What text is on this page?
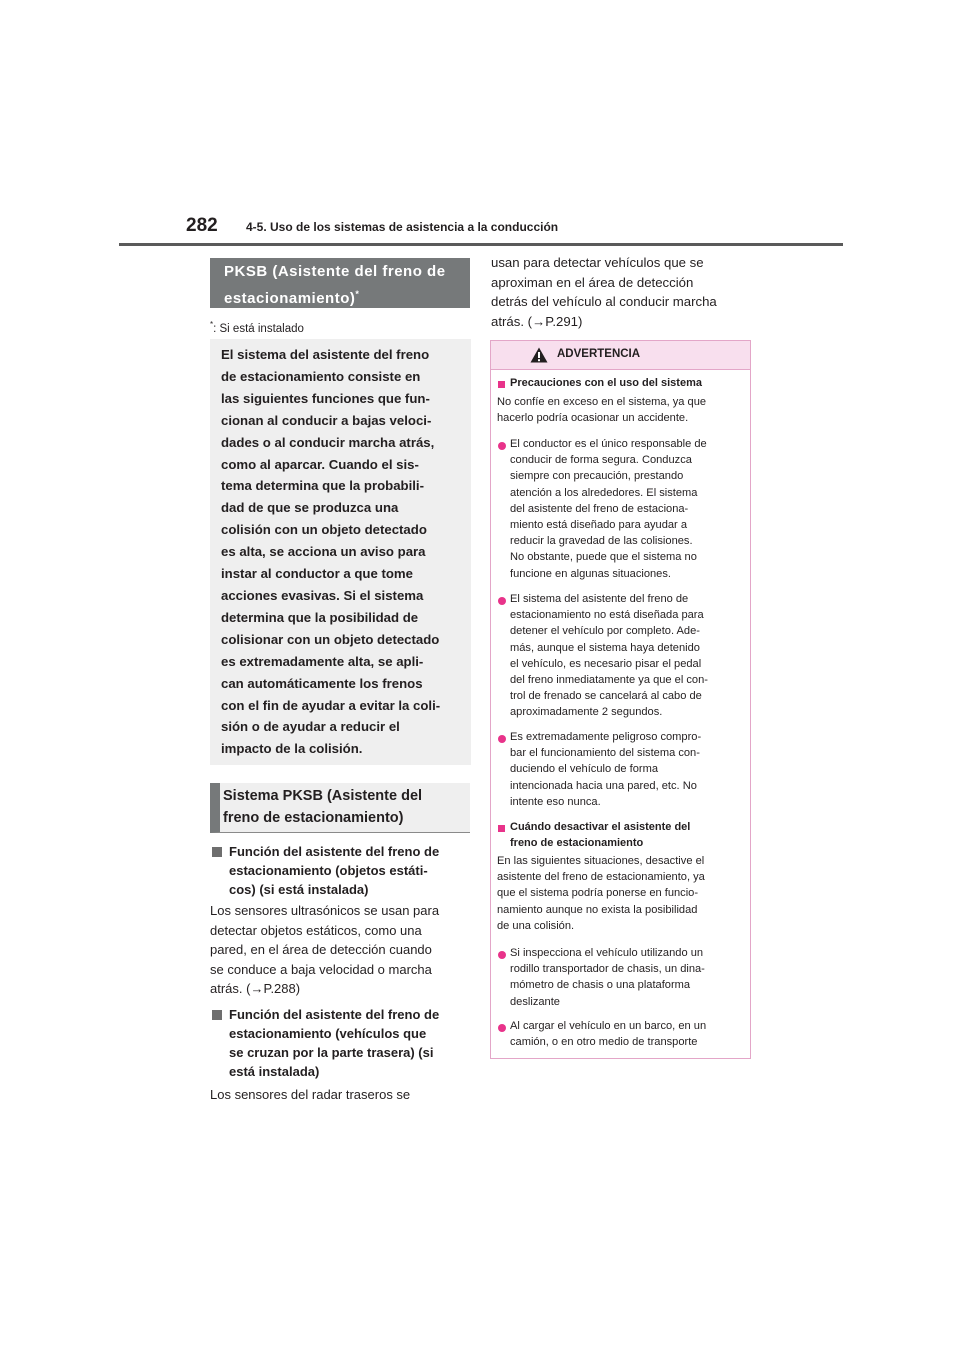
282 4-5. Uso de los sistemas de asistencia a la conducción
PKSB (Asistente del freno de estacionamiento)*
*: Si está instalado
El sistema del asistente del freno
de estacionamiento consiste en
las siguientes funciones que fun-
cionan al conducir a bajas veloci-
dades o al conducir marcha atrás,
como al aparcar. Cuando el sis-
tema determina que la probabili-
dad de que se produzca una
colisión con un objeto detectado
es alta, se acciona un aviso para
instar al conductor a que tome
acciones evasivas. Si el sistema
determina que la posibilidad de
colisionar con un objeto detectado
es extremadamente alta, se apli-
can automáticamente los frenos
con el fin de ayudar a evitar la coli-
sión o de ayudar a reducir el
impacto de la colisión.
Sistema PKSB (Asistente del
freno de estacionamiento)
Función del asistente del freno de
estacionamiento (objetos estáti-
cos) (si está instalada)
Los sensores ultrasónicos se usan para
detectar objetos estáticos, como una
pared, en el área de detección cuando
se conduce a baja velocidad o marcha
atrás. (→P.288)
Función del asistente del freno de
estacionamiento (vehículos que
se cruzan por la parte trasera) (si
está instalada)
Los sensores del radar traseros se
usan para detectar vehículos que se
aproximan en el área de detección
detrás del vehículo al conducir marcha
atrás. (→P.291)
ADVERTENCIA
Precauciones con el uso del sistema
No confíe en exceso en el sistema, ya que
hacerlo podría ocasionar un accidente.
El conductor es el único responsable de
conducir de forma segura. Conduzca
siempre con precaución, prestando
atención a los alrededores. El sistema
del asistente del freno de estaciona-
miento está diseñado para ayudar a
reducir la gravedad de las colisiones.
No obstante, puede que el sistema no
funcione en algunas situaciones.
El sistema del asistente del freno de
estacionamiento no está diseñada para
detener el vehículo por completo. Ade-
más, aunque el sistema haya detenido
el vehículo, es necesario pisar el pedal
del freno inmediatamente ya que el con-
trol de frenado se cancelará al cabo de
aproximadamente 2 segundos.
Es extremadamente peligroso compro-
bar el funcionamiento del sistema con-
duciendo el vehículo de forma
intencionada hacia una pared, etc. No
intente eso nunca.
Cuándo desactivar el asistente del
freno de estacionamiento
En las siguientes situaciones, desactive el
asistente del freno de estacionamiento, ya
que el sistema podría ponerse en funcio-
namiento aunque no exista la posibilidad
de una colisión.
Si inspecciona el vehículo utilizando un
rodillo transportador de chasis, un dina-
mómetro de chasis o una plataforma
deslizante
Al cargar el vehículo en un barco, en un
camión, o en otro medio de transporte
